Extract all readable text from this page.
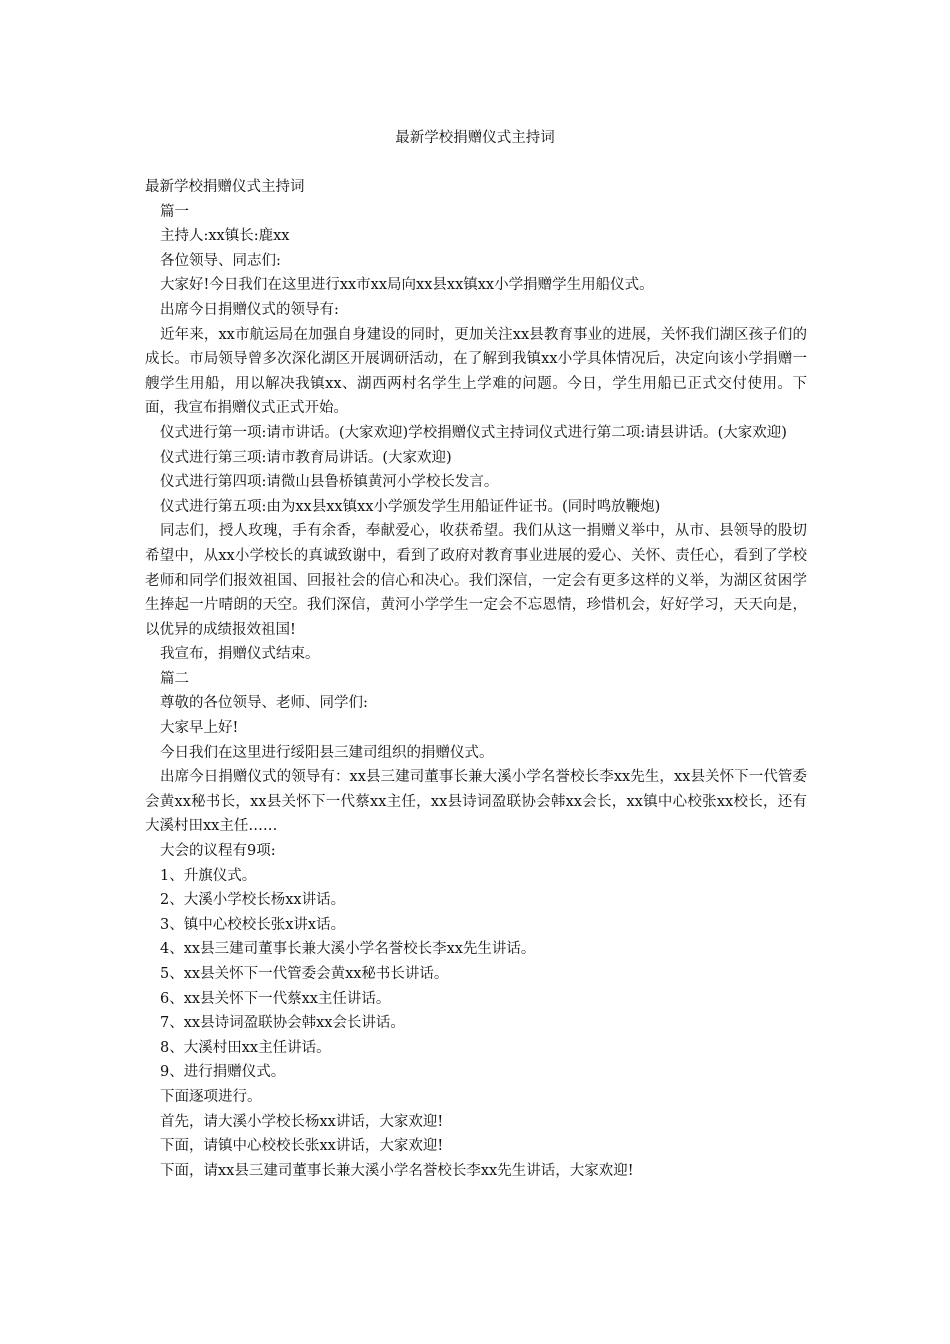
最新学校捐赠仪式主持词

最新学校捐赠仪式主持词

篇一

主持人:xx镇长:鹿xx

各位领导、同志们:

大家好!今日我们在这里进行xx市xx局向xx县xx镇xx小学捐赠学生用船仪式。

出席今日捐赠仪式的领导有:

近年来，xx市航运局在加强自身建设的同时，更加关注xx县教育事业的进展，关怀我们湖区孩子们的成长。市局领导曾多次深化湖区开展调研活动，在了解到我镇xx小学具体情况后，决定向该小学捐赠一艘学生用船，用以解决我镇xx、湖西两村名学生上学难的问题。今日，学生用船已正式交付使用。下面，我宣布捐赠仪式正式开始。

仪式进行第一项:请市讲话。(大家欢迎)学校捐赠仪式主持词仪式进行第二项:请县讲话。(大家欢迎)

仪式进行第三项:请市教育局讲话。(大家欢迎)

仪式进行第四项:请微山县鲁桥镇黄河小学校长发言。

仪式进行第五项:由为xx县xx镇xx小学颁发学生用船证件证书。(同时鸣放鞭炮)

同志们，授人玫瑰，手有余香，奉献爱心，收获希望。我们从这一捐赠义举中，从市、县领导的股切希望中，从xx小学校长的真诚致谢中，看到了政府对教育事业进展的爱心、关怀、责任心，看到了学校老师和同学们报效祖国、回报社会的信心和决心。我们深信，一定会有更多这样的义举，为湖区贫困学生捧起一片晴朗的天空。我们深信，黄河小学学生一定会不忘恩情，珍惜机会，好好学习，天天向是，以优异的成绩报效祖国!

我宣布，捐赠仪式结束。

篇二

尊敬的各位领导、老师、同学们:

大家早上好!

今日我们在这里进行绥阳县三建司组织的捐赠仪式。

出席今日捐赠仪式的领导有：xx县三建司董事长兼大溪小学名誉校长李xx先生，xx县关怀下一代管委会黄xx秘书长，xx县关怀下一代蔡xx主任，xx县诗词盈联协会韩xx会长，xx镇中心校张xx校长，还有大溪村田xx主任……

大会的议程有9项:

1、升旗仪式。

2、大溪小学校长杨xx讲话。

3、镇中心校校长张x讲x话。

4、xx县三建司董事长兼大溪小学名誉校长李xx先生讲话。

5、xx县关怀下一代管委会黄xx秘书长讲话。

6、xx县关怀下一代蔡xx主任讲话。

7、xx县诗词盈联协会韩xx会长讲话。

8、大溪村田xx主任讲话。

9、进行捐赠仪式。

下面逐项进行。

首先，请大溪小学校长杨xx讲话，大家欢迎!

下面，请镇中心校校长张xx讲话，大家欢迎!

下面，请xx县三建司董事长兼大溪小学名誉校长李xx先生讲话，大家欢迎!
